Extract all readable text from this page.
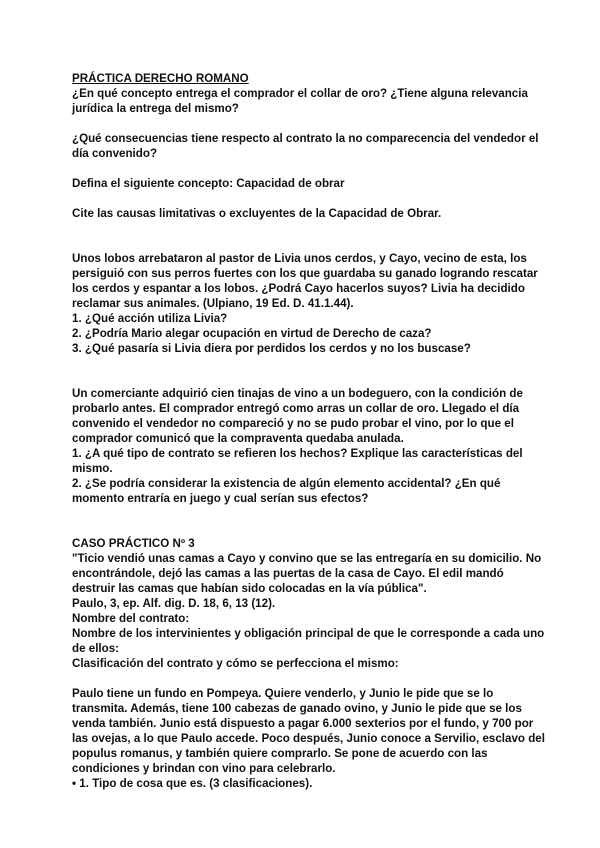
PRÁCTICA DERECHO ROMANO
¿En qué concepto entrega el comprador el collar de oro? ¿Tiene alguna relevancia
jurídica la entrega del mismo?
¿Qué consecuencias tiene respecto al contrato la no comparecencia del vendedor el
día convenido?
Defina el siguiente concepto: Capacidad de obrar
Cite las causas limitativas o excluyentes de la Capacidad de Obrar.
Unos lobos arrebataron al pastor de Livia unos cerdos, y Cayo, vecino de esta, los
persiguió con sus perros fuertes con los que guardaba su ganado logrando rescatar
los cerdos y espantar a los lobos. ¿Podrá Cayo hacerlos suyos? Livia ha decidido
reclamar sus animales. (Ulpiano, 19 Ed. D. 41.1.44).
1. ¿Qué acción utiliza Livia?
2. ¿Podría Mario alegar ocupación en virtud de Derecho de caza?
3. ¿Qué pasaría si Livia diera por perdidos los cerdos y no los buscase?
Un comerciante adquirió cien tinajas de vino a un bodeguero, con la condición de
probarlo antes. El comprador entregó como arras un collar de oro. Llegado el día
convenido el vendedor no compareció y no se pudo probar el vino, por lo que el
comprador comunicó que la compraventa quedaba anulada.
1. ¿A qué tipo de contrato se refieren los hechos? Explique las características del
mismo.
2. ¿Se podría considerar la existencia de algún elemento accidental? ¿En qué
momento entraría en juego y cual serían sus efectos?
CASO PRÁCTICO Nº 3
"Ticio vendió unas camas a Cayo y convino que se las entregaría en su domicilio. No
encontrándole, dejó las camas a las puertas de la casa de Cayo. El edil mandó
destruir las camas que habían sido colocadas en la vía pública".
Paulo, 3, ep. Alf. dig. D. 18, 6, 13 (12).
Nombre del contrato:
Nombre de los intervinientes y obligación principal de que le corresponde a cada uno
de ellos:
Clasificación del contrato y cómo se perfecciona el mismo:
Paulo tiene un fundo en Pompeya. Quiere venderlo, y Junio le pide que se lo
transmita. Además, tiene 100 cabezas de ganado ovino, y Junio le pide que se los
venda también. Junio está dispuesto a pagar 6.000 sexterios por el fundo, y 700 por
las ovejas, a lo que Paulo accede. Poco después, Junio conoce a Servilio, esclavo del
populus romanus, y también quiere comprarlo. Se pone de acuerdo con las
condiciones y brindan con vino para celebrarlo.
• 1. Tipo de cosa que es. (3 clasificaciones).
